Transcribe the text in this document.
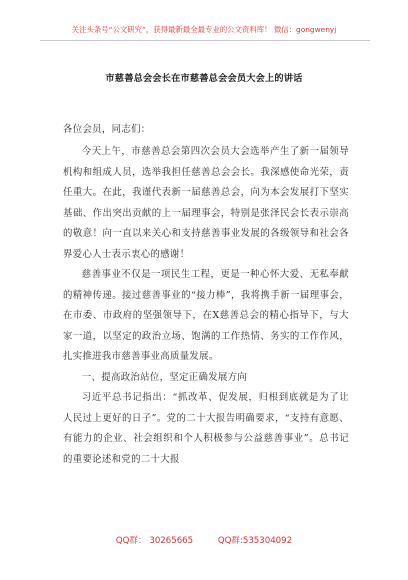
关注头条号“公文研究”，获得最新最全最专业的公文资料库！ 微信：gongwenyj
市慈善总会会长在市慈善总会会员大会上的讲话
各位会员，同志们：

今天上午，市慈善总会第四次会员大会选举产生了新一届领导机构和组成人员，选举我担任慈善总会会长。我深感使命光荣，责任重大。在此，我谨代表新一届慈善总会，向为本会发展打下坚实基础、作出突出贡献的上一届理事会，特别是张泽民会长表示崇高的敬意！向一直以来关心和支持慈善事业发展的各级领导和社会各界爱心人士表示衷心的感谢！

慈善事业不仅是一项民生工程，更是一种心怀大爱、无私奉献的精神传递。接过慈善事业的“接力棒”，我将携手新一届理事会，在市委、市政府的坚强领导下，在X慈善总会的精心指导下，与大家一道，以坚定的政治立场、饱满的工作热情、务实的工作作风，扎实推进我市慈善事业高质量发展。

一、提高政治站位，坚定正确发展方向

习近平总书记指出：“抓改革、促发展，归根到底就是为了让人民过上更好的日子”。党的二十大报告明确要求，“支持有意愿、有能力的企业、社会组织和个人积极参与公益慈善事业”。总书记的重要论述和党的二十大报

QQ群： 30265665	QQ群:535304092
